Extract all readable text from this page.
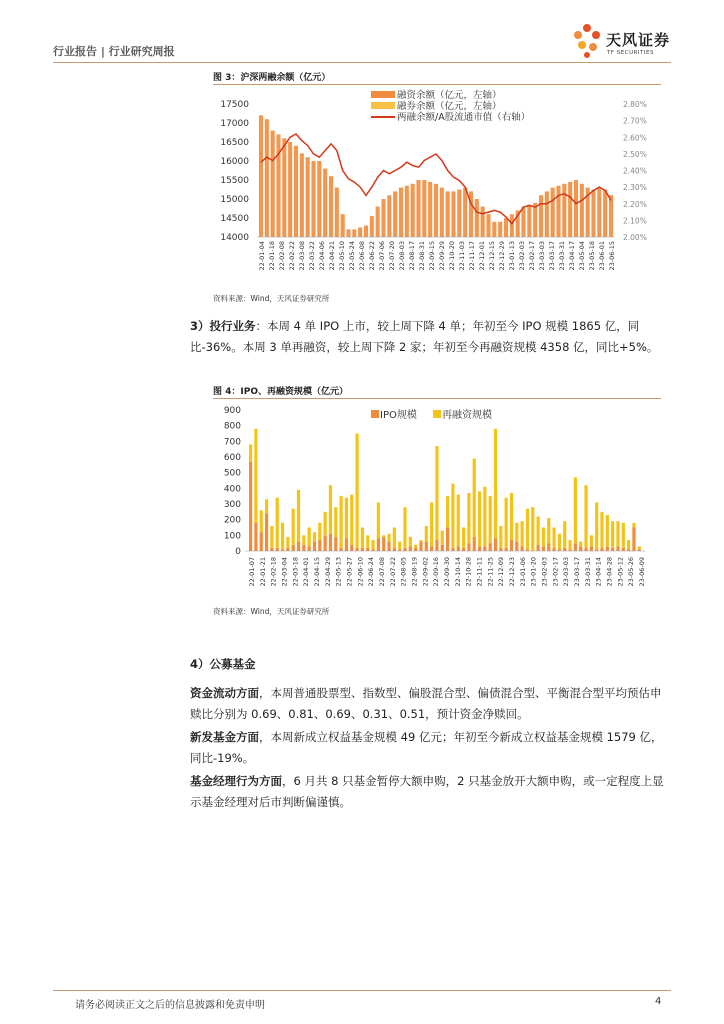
行业报告 | 行业研究周报
天风证券
TF SECURITIES
图 3：沪深两融余额（亿元）
17500
17000
16500
16000
15500
15000
14500
14000
2.80%
2.70%
2.60%
2.50%
2.40%
2.30%
2.20%
2.10%
2.00%
22-01-04 22-01-18 22-02-08 22-02-22 22-03-08 22-03-22 22-04-06 22-04-21 22-05-10 22-05-24 22-06-08 22-06-22 22-07-06 22-07-20 22-08-03 22-08-17 22-08-31 22-09-15 22-09-29 22-10-20 22-11-03 22-11-17 22-12-01 22-12-15 22-12-29 23-01-13 23-02-03 23-02-17 23-03-03 23-03-17 23-03-31 23-04-17 23-05-04 23-05-18 23-06-01 23-06-15
融资余额（亿元，左轴）
融券余额（亿元，左轴）
两融余额/A股流通市值（右轴）
资料来源：Wind，天风证券研究所
3）投行业务：本周 4 单 IPO 上市，较上周下降 4 单；年初至今 IPO 规模 1865 亿，同比-36%。本周 3 单再融资，较上周下降 2 家；年初至今再融资规模 4358 亿，同比+5%。
图 4：IPO、再融资规模（亿元）
900
800
700
600
500
400
300
200
100
0
22-01-07 22-01-21 22-02-18 22-03-04 22-03-18 22-04-01 22-04-15 22-04-29 22-05-13 22-05-27 22-06-10 22-06-24 22-07-08 22-07-22 22-08-05 22-08-19 22-09-02 22-09-16 22-09-30 22-10-14 22-10-28 22-11-11 22-11-25 22-12-09 22-12-23 23-01-06 23-01-20 23-02-03 23-02-17 23-03-03 23-03-17 23-03-31 23-04-14 23-04-28 23-05-12 23-05-26 23-06-09
IPO规模	再融资规模
资料来源：Wind，天风证券研究所
4）公募基金
资金流动方面，本周普通股票型、指数型、偏股混合型、偏债混合型、平衡混合型平均预估申赎比分别为 0.69、0.81、0.69、0.31、0.51，预计资金净赎回。
新发基金方面，本周新成立权益基金规模 49 亿元；年初至今新成立权益基金规模 1579 亿，同比-19%。
基金经理行为方面，6 月共 8 只基金暂停大额申购，2 只基金放开大额申购，或一定程度上显示基金经理对后市判断偏谨慎。
请务必阅读正文之后的信息披露和免责申明	4
